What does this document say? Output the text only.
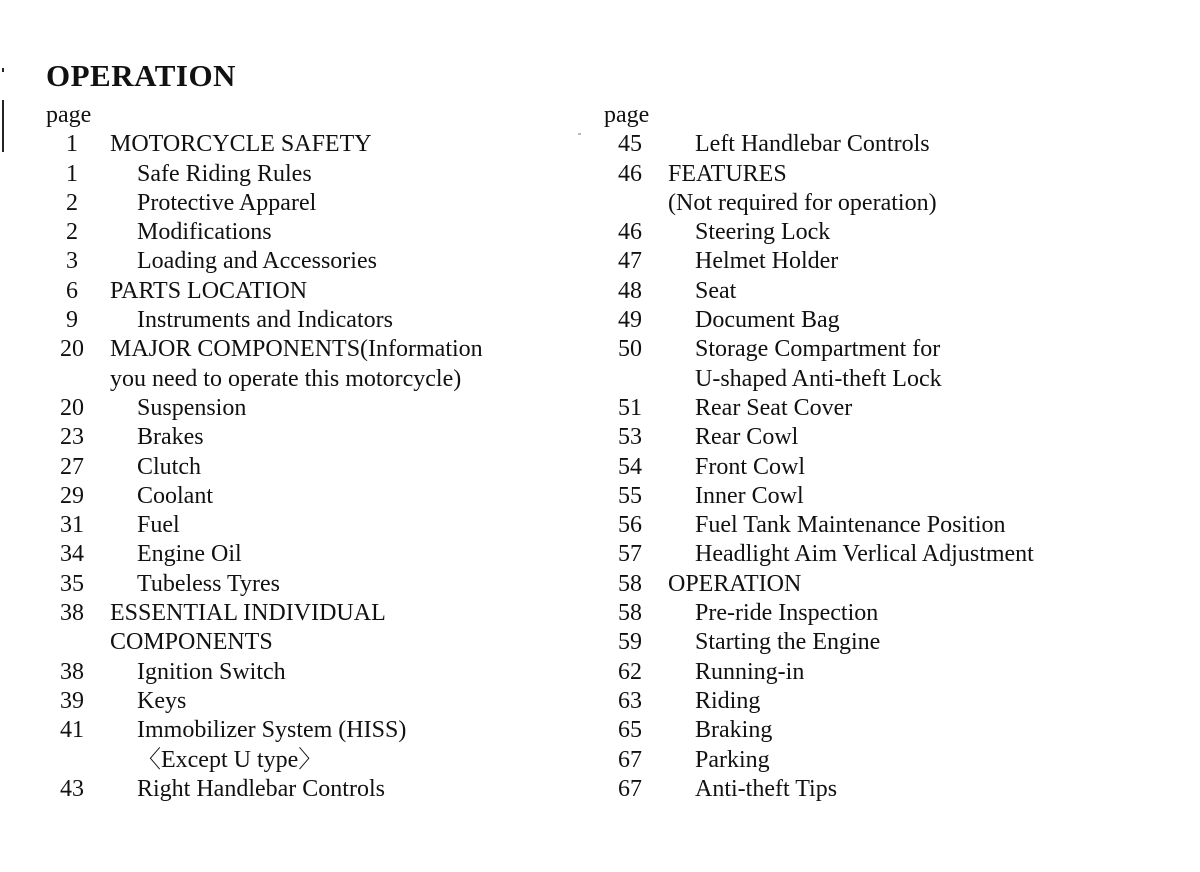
OPERATION
page
1	MOTORCYCLE SAFETY
1	Safe Riding Rules
2	Protective Apparel
2	Modifications
3	Loading and Accessories
6	PARTS LOCATION
9	Instruments and Indicators
20	MAJOR COMPONENTS(Information
you need to operate this motorcycle)
20	Suspension
23	Brakes
27	Clutch
29	Coolant
31	Fuel
34	Engine Oil
35	Tubeless Tyres
38	ESSENTIAL INDIVIDUAL
COMPONENTS
38	Ignition Switch
39	Keys
41	Immobilizer System (HISS)
〈Except U type〉
43	Right Handlebar Controls
page
45	Left Handlebar Controls
46	FEATURES
(Not required for operation)
46	Steering Lock
47	Helmet Holder
48	Seat
49	Document Bag
50	Storage Compartment for
U-shaped Anti-theft Lock
51	Rear Seat Cover
53	Rear Cowl
54	Front Cowl
55	Inner Cowl
56	Fuel Tank Maintenance Position
57	Headlight Aim Verlical Adjustment
58	OPERATION
58	Pre-ride Inspection
59	Starting the Engine
62	Running-in
63	Riding
65	Braking
67	Parking
67	Anti-theft Tips
